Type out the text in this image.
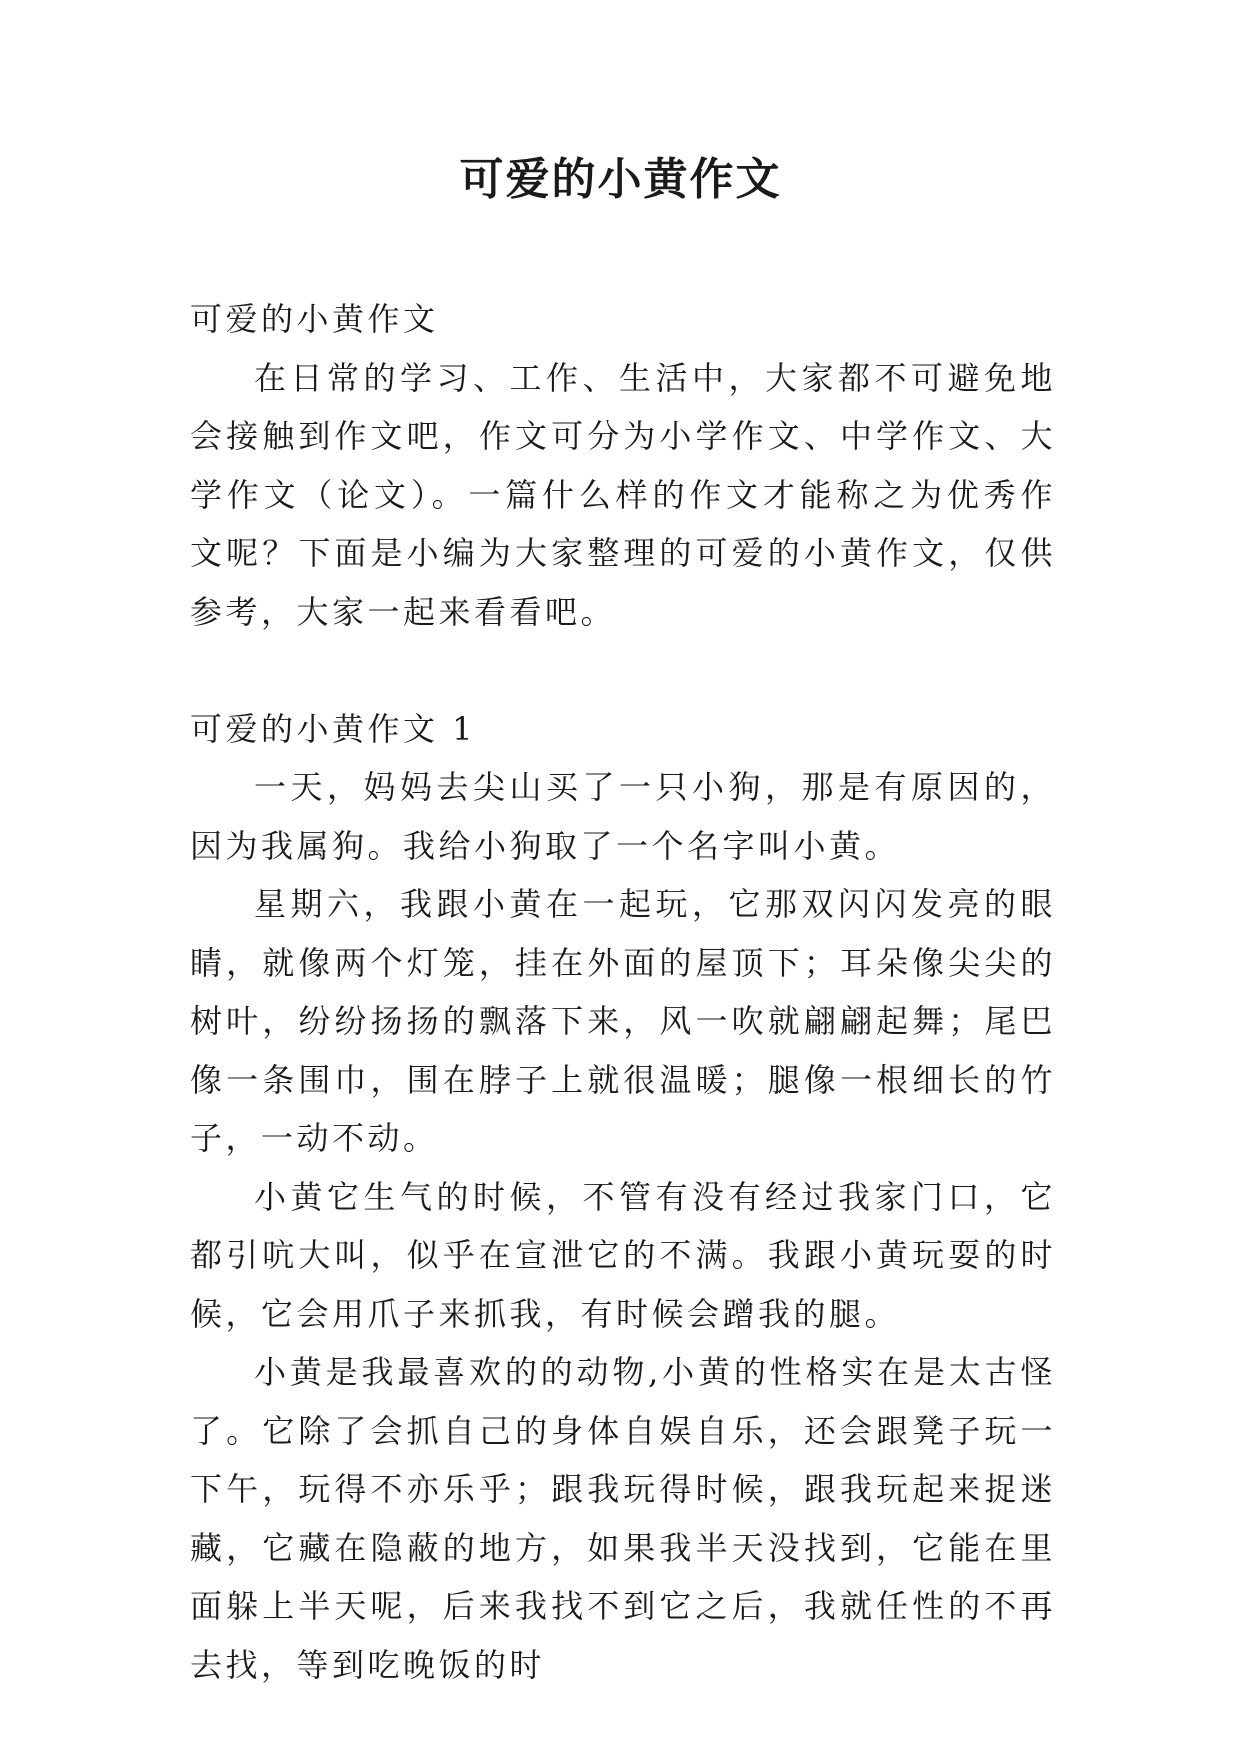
可爱的小黄作文

可爱的小黄作文

在日常的学习、工作、生活中，大家都不可避免地会接触到作文吧，作文可分为小学作文、中学作文、大学作文（论文）。一篇什么样的作文才能称之为优秀作文呢？下面是小编为大家整理的可爱的小黄作文，仅供参考，大家一起来看看吧。

可爱的小黄作文 1

一天，妈妈去尖山买了一只小狗，那是有原因的，因为我属狗。我给小狗取了一个名字叫小黄。

星期六，我跟小黄在一起玩，它那双闪闪发亮的眼睛，就像两个灯笼，挂在外面的屋顶下；耳朵像尖尖的树叶，纷纷扬扬的飘落下来，风一吹就翩翩起舞；尾巴像一条围巾，围在脖子上就很温暖；腿像一根细长的竹子，一动不动。

小黄它生气的时候，不管有没有经过我家门口，它都引吭大叫，似乎在宣泄它的不满。我跟小黄玩耍的时候，它会用爪子来抓我，有时候会蹭我的腿。

小黄是我最喜欢的的动物,小黄的性格实在是太古怪了。它除了会抓自己的身体自娱自乐，还会跟凳子玩一下午，玩得不亦乐乎；跟我玩得时候，跟我玩起来捉迷藏，它藏在隐蔽的地方，如果我半天没找到，它能在里面躲上半天呢，后来我找不到它之后，我就任性的不再去找，等到吃晚饭的时
